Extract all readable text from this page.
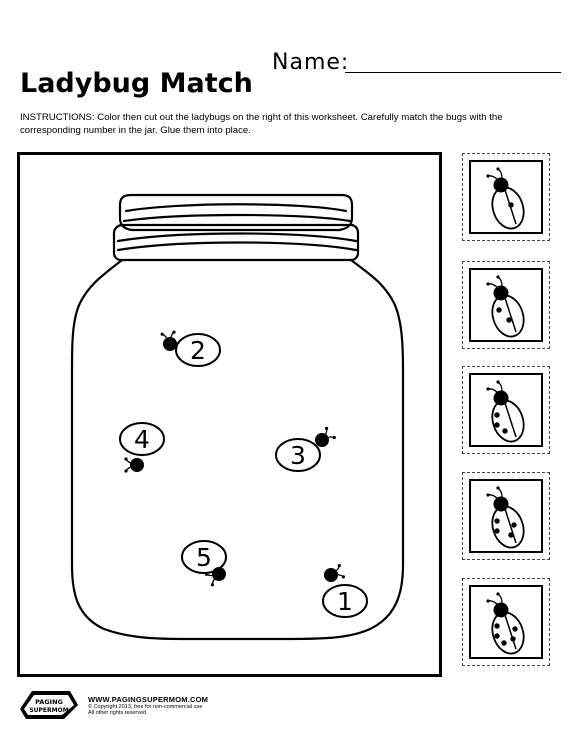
Name:
Ladybug Match

INSTRUCTIONS: Color then cut out the ladybugs on the right of this worksheet. Carefully match the bugs with the corresponding number in the jar. Glue them into place.

2
4
3
5
1
PAGING
SUPERMOM
WWW.PAGINGSUPERMOM.COM
© Copyright 2013, free for non-commercial use
All other rights reserved
